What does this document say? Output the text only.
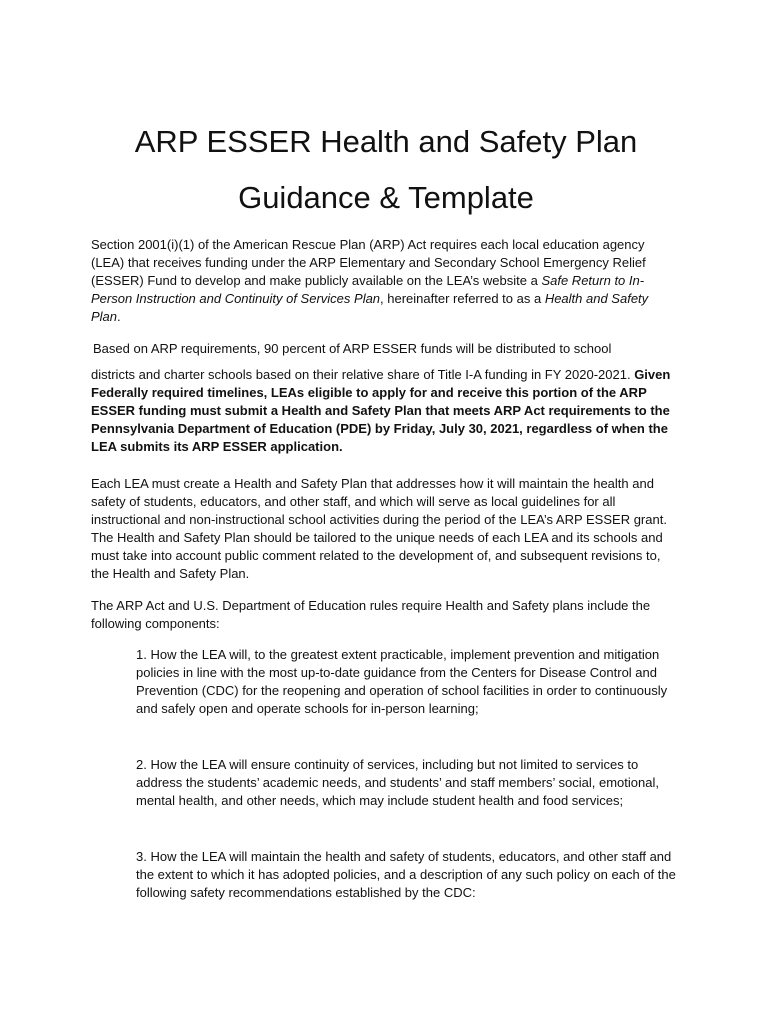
ARP ESSER Health and Safety Plan
Guidance & Template

Section 2001(i)(1) of the American Rescue Plan (ARP) Act requires each local education agency (LEA) that receives funding under the ARP Elementary and Secondary School Emergency Relief (ESSER) Fund to develop and make publicly available on the LEA’s website a Safe Return to In-Person Instruction and Continuity of Services Plan, hereinafter referred to as a Health and Safety Plan.

Based on ARP requirements, 90 percent of ARP ESSER funds will be distributed to school

districts and charter schools based on their relative share of Title I-A funding in FY 2020-2021. Given Federally required timelines, LEAs eligible to apply for and receive this portion of the ARP ESSER funding must submit a Health and Safety Plan that meets ARP Act requirements to the Pennsylvania Department of Education (PDE) by Friday, July 30, 2021, regardless of when the LEA submits its ARP ESSER application.

Each LEA must create a Health and Safety Plan that addresses how it will maintain the health and safety of students, educators, and other staff, and which will serve as local guidelines for all instructional and non-instructional school activities during the period of the LEA’s ARP ESSER grant. The Health and Safety Plan should be tailored to the unique needs of each LEA and its schools and must take into account public comment related to the development of, and subsequent revisions to, the Health and Safety Plan.

The ARP Act and U.S. Department of Education rules require Health and Safety plans include the following components:

1. How the LEA will, to the greatest extent practicable, implement prevention and mitigation policies in line with the most up-to-date guidance from the Centers for Disease Control and Prevention (CDC) for the reopening and operation of school facilities in order to continuously and safely open and operate schools for in-person learning;

2. How the LEA will ensure continuity of services, including but not limited to services to address the students’ academic needs, and students’ and staff members’ social, emotional, mental health, and other needs, which may include student health and food services;

3. How the LEA will maintain the health and safety of students, educators, and other staff and the extent to which it has adopted policies, and a description of any such policy on each of the following safety recommendations established by the CDC:
